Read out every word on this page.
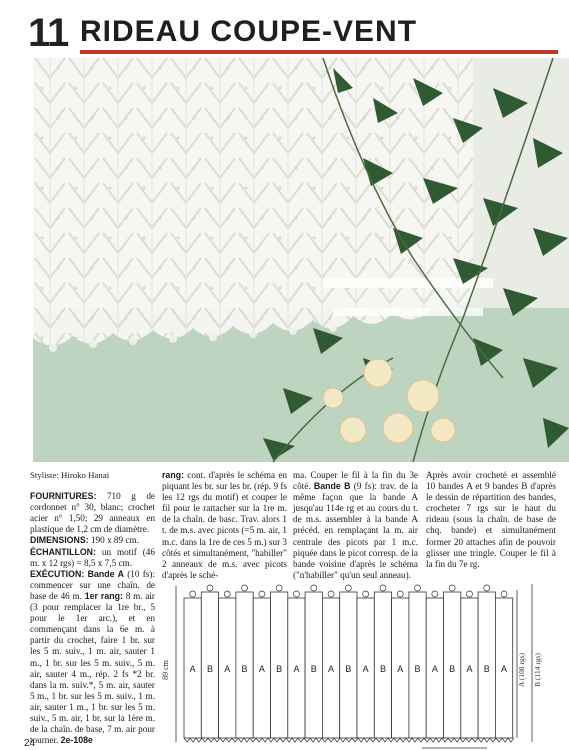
11 RIDEAU COUPE-VENT

Styliste: Hiroko Hanai

FOURNITURES: 710 g de cordonnet n° 30, blanc; crochet acier n° 1,50; 29 anneaux en plastique de 1,2 cm de diamètre.

DIMENSIONS: 190 x 89 cm.

ÉCHANTILLON: un motif (46 m. x 12 rgs) = 8,5 x 7,5 cm.

EXÉCUTION: Bande A (10 fs): commencer sur une chaîn. de base de 46 m. 1er rang: 8 m. air (3 pour remplacer la 1re br., 5 pour le 1er arc.), et en commençant dans la 6e m. à partir du crochet, faire 1 br. sur les 5 m. suiv., 1 m. air, sauter 1 m., 1 br. sur les 5 m. suiv., 5 m. air, sauter 4 m., rép. 2 fs *2 br. dans la m. suiv.*, 5 m. air, sauter 5 m., 1 br. sur les 5 m. suiv., 1 m. air, sauter 1 m., 1 br. sur les 5 m. suiv., 5 m. air, 1 br. sur la 1ère m. de la chaîn. de base, 7 m. air pour tourner. 2e-108e

rang: cont. d'après le schéma en piquant les br. sur les br. (rép. 9 fs les 12 rgs du motif) et couper le fil pour le rattacher sur la 1re m. de la chaîn. de basc. Trav. alors 1 t. de m.s. avec picots (=5 m. air, 1 m.c. dans la 1re de ces 5 m.) sur 3 côtés et simultanément, "habiller" 2 anneaux de m.s. avec picots d'après le sché-

ma. Couper le fil à la fin du 3e côté. Bande B (9 fs): trav. de la même façon que la bande A jusqu'au 114e rg et au cours du t. de m.s. assembler à la bande A précéd. en remplaçant la m. air centrale des picots par 1 m.c. piquée dans le picot corresp. de la bande voisine d'après le schéma ("n'habiller" qu'un seul anneau).

Après avoir crocheté et assemblé 10 bandes A et 9 bandes B d'après le dessin de répartition des bandes, crocheter 7 rgs sur le haut du rideau (sous la chaîn. de base de chq. bande) et simultanément former 20 attaches afin de pouvoir glisser une tringle. Couper le fil à la fin du 7e rg.

A B A B A B A B A B A B A B A B A B A
89 cm	A (108 rgs) B (114 rgs)
24
